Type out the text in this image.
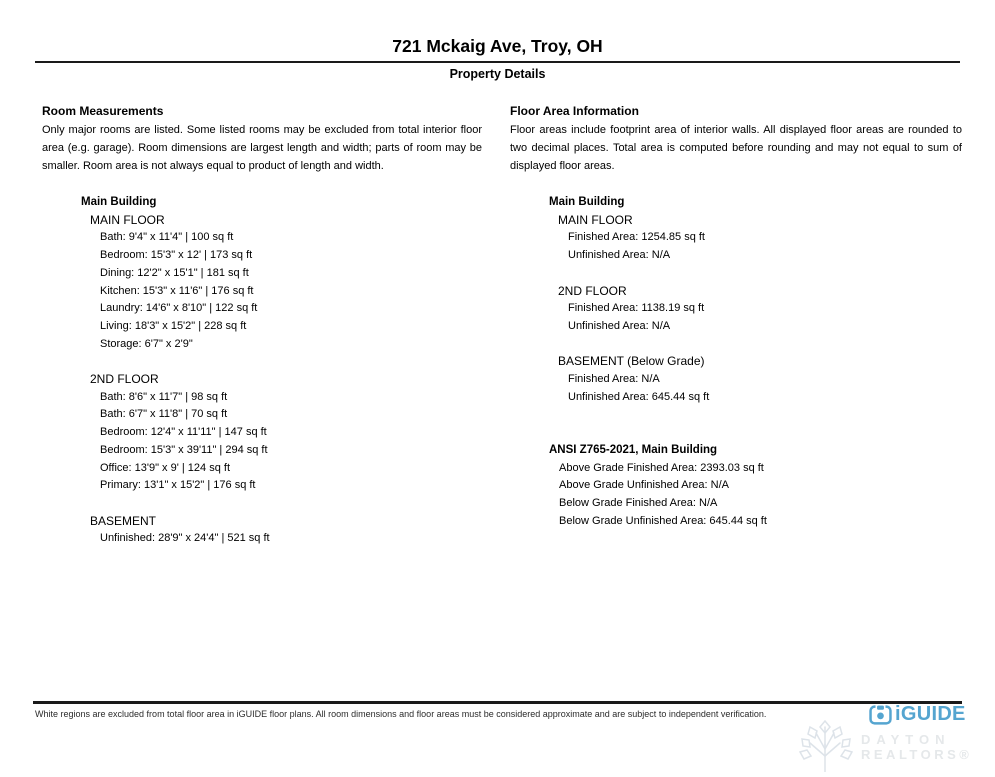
721 Mckaig Ave, Troy, OH
Property Details
Room Measurements

Only major rooms are listed. Some listed rooms may be excluded from total interior floor area (e.g. garage). Room dimensions are largest length and width; parts of room may be smaller. Room area is not always equal to product of length and width.

Main Building
MAIN FLOOR
Bath: 9'4" x 11'4" | 100 sq ft
Bedroom: 15'3" x 12' | 173 sq ft
Dining: 12'2" x 15'1" | 181 sq ft
Kitchen: 15'3" x 11'6" | 176 sq ft
Laundry: 14'6" x 8'10" | 122 sq ft
Living: 18'3" x 15'2" | 228 sq ft
Storage: 6'7" x 2'9"
2ND FLOOR
Bath: 8'6" x 11'7" | 98 sq ft
Bath: 6'7" x 11'8" | 70 sq ft
Bedroom: 12'4" x 11'11" | 147 sq ft
Bedroom: 15'3" x 39'11" | 294 sq ft
Office: 13'9" x 9' | 124 sq ft
Primary: 13'1" x 15'2" | 176 sq ft
BASEMENT
Unfinished: 28'9" x 24'4" | 521 sq ft
Floor Area Information

Floor areas include footprint area of interior walls. All displayed floor areas are rounded to two decimal places. Total area is computed before rounding and may not equal to sum of displayed floor areas.

Main Building
MAIN FLOOR
Finished Area: 1254.85 sq ft
Unfinished Area: N/A
2ND FLOOR
Finished Area: 1138.19 sq ft
Unfinished Area: N/A
BASEMENT (Below Grade)
Finished Area: N/A
Unfinished Area: 645.44 sq ft
ANSI Z765-2021, Main Building
Above Grade Finished Area: 2393.03 sq ft
Above Grade Unfinished Area: N/A
Below Grade Finished Area: N/A
Below Grade Unfinished Area: 645.44 sq ft
White regions are excluded from total floor area in iGUIDE floor plans. All room dimensions and floor areas must be considered approximate and are subject to independent verification.	iGUIDE
DAYTON
REALTORS®
